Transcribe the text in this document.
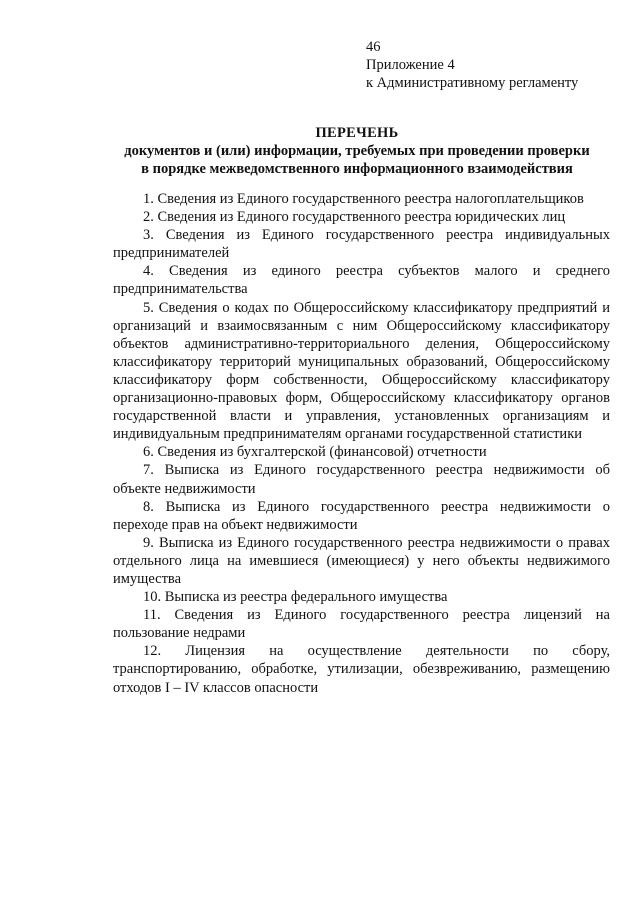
46
Приложение 4
к Административному регламенту
ПЕРЕЧЕНЬ
документов и (или) информации, требуемых при проведении проверки
в порядке межведомственного информационного взаимодействия

1. Сведения из Единого государственного реестра налогоплательщиков

2. Сведения из Единого государственного реестра юридических лиц

3. Сведения из Единого государственного реестра индивидуальных предпринимателей

4. Сведения из единого реестра субъектов малого и среднего предпринимательства

5. Сведения о кодах по Общероссийскому классификатору предприятий и организаций и взаимосвязанным с ним Общероссийскому классификатору объектов административно-территориального деления, Общероссийскому классификатору территорий муниципальных образований, Общероссийскому классификатору форм собственности, Общероссийскому классификатору организационно-правовых форм, Общероссийскому классификатору органов государственной власти и управления, установленных организациям и индивидуальным предпринимателям органами государственной статистики

6. Сведения из бухгалтерской (финансовой) отчетности

7. Выписка из Единого государственного реестра недвижимости об объекте недвижимости

8. Выписка из Единого государственного реестра недвижимости о переходе прав на объект недвижимости

9. Выписка из Единого государственного реестра недвижимости о правах отдельного лица на имевшиеся (имеющиеся) у него объекты недвижимого имущества

10. Выписка из реестра федерального имущества

11. Сведения из Единого государственного реестра лицензий на пользование недрами

12. Лицензия на осуществление деятельности по сбору, транспортированию, обработке, утилизации, обезвреживанию, размещению отходов I – IV классов опасности
